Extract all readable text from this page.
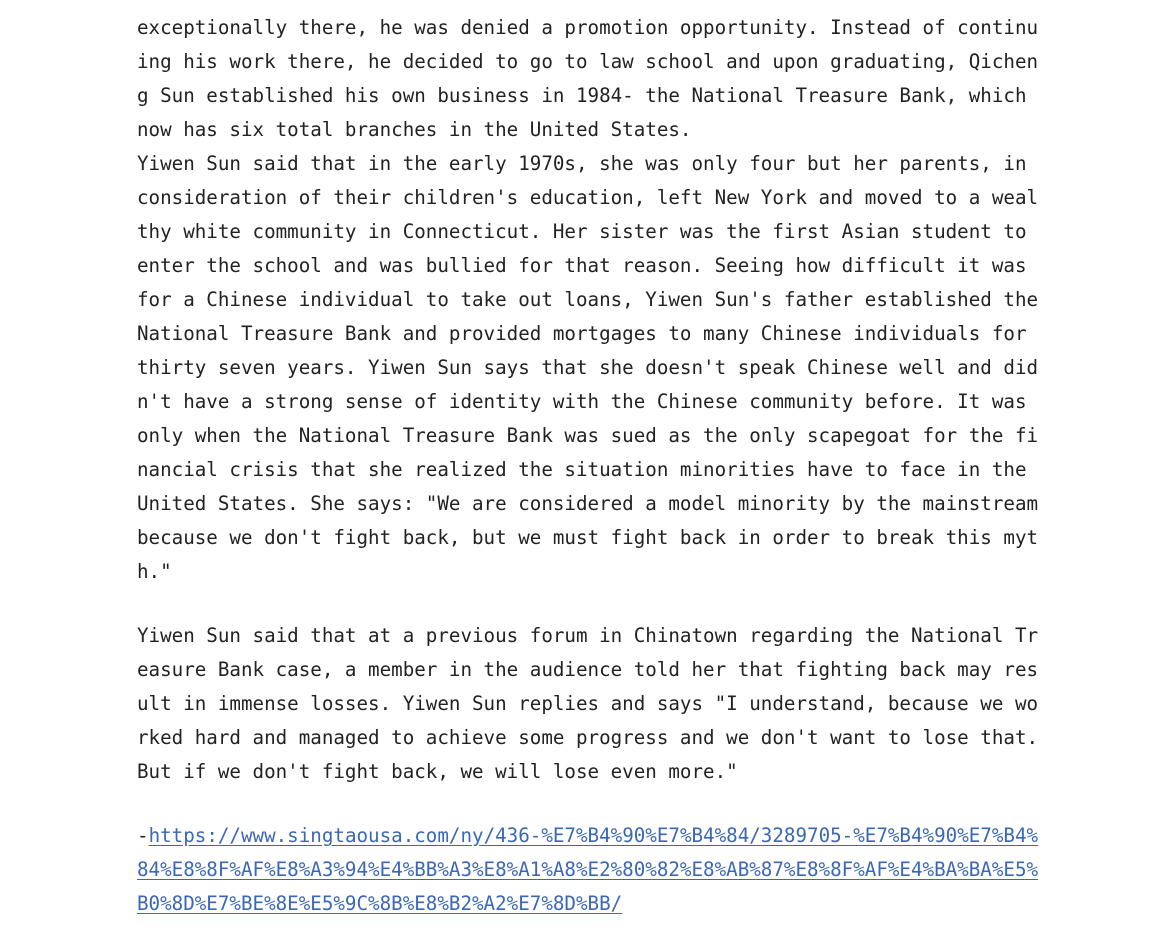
exceptionally there, he was denied a promotion opportunity. Instead of continu
ing his work there, he decided to go to law school and upon graduating, Qichen
g Sun established his own business in 1984- the National Treasure Bank, which
now has six total branches in the United States.
Yiwen Sun said that in the early 1970s, she was only four but her parents, in
consideration of their children's education, left New York and moved to a weal
thy white community in Connecticut. Her sister was the first Asian student to
enter the school and was bullied for that reason. Seeing how difficult it was
for a Chinese individual to take out loans, Yiwen Sun's father established the
National Treasure Bank and provided mortgages to many Chinese individuals for
thirty seven years. Yiwen Sun says that she doesn't speak Chinese well and did
n't have a strong sense of identity with the Chinese community before. It was
only when the National Treasure Bank was sued as the only scapegoat for the fi
nancial crisis that she realized the situation minorities have to face in the
United States. She says: "We are considered a model minority by the mainstream
because we don't fight back, but we must fight back in order to break this myt
h."
Yiwen Sun said that at a previous forum in Chinatown regarding the National Tr
easure Bank case, a member in the audience told her that fighting back may res
ult in immense losses. Yiwen Sun replies and says "I understand, because we wo
rked hard and managed to achieve some progress and we don't want to lose that.
But if we don't fight back, we will lose even more."
-https://www.singtaousa.com/ny/436-%E7%B4%90%E7%B4%84/3289705-%E7%B4%90%E7%B4%
84%E8%8F%AF%E8%A3%94%E4%BB%A3%E8%A1%A8%E2%80%82%E8%AB%87%E8%8F%AF%E4%BA%BA%E5%
B0%8D%E7%BE%8E%E5%9C%8B%E8%B2%A2%E7%8D%BB/
